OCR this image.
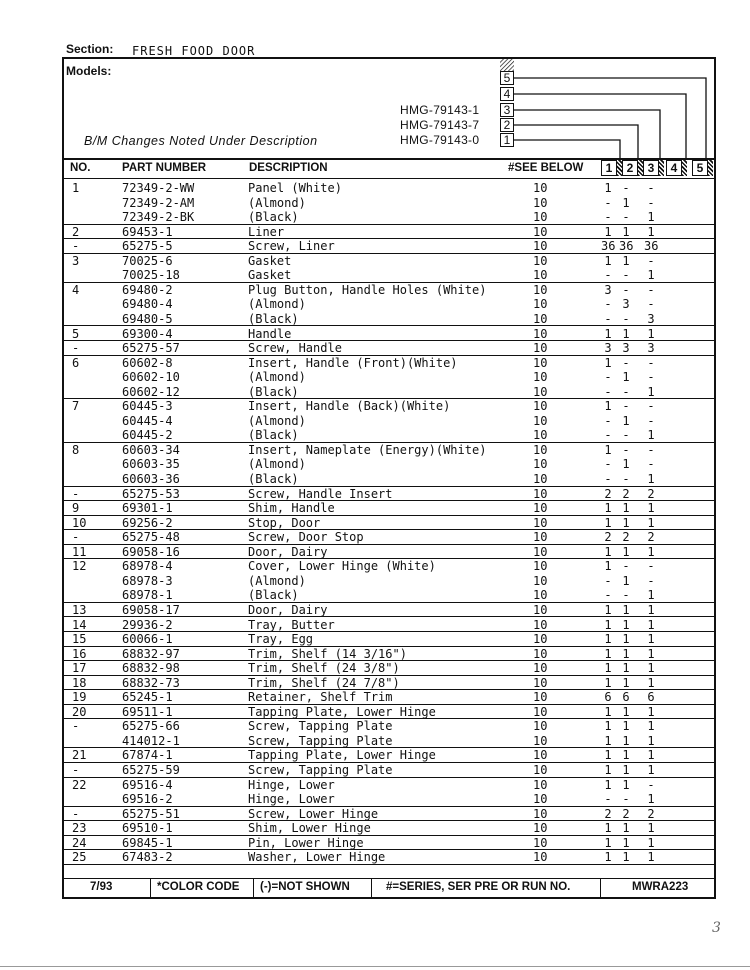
Section: FRESH FOOD DOOR
Models:
B/M Changes Noted Under Description
HMG-79143-1
HMG-79143-7
HMG-79143-0
5
4
3
2
1
NO.	PART NUMBER	DESCRIPTION	#SEE BELOW	1	2	3	4	5
1	72349-2-WW	Panel (White)	10	1 - -
72349-2-AM	(Almond)	10	- 1 -
72349-2-BK	(Black)	10	- - 1
2	69453-1	Liner	10	1 1 1
-	65275-5	Screw, Liner	10	36 36 36
3	70025-6	Gasket	10	1 1 -
70025-18	Gasket	10	- - 1
4	69480-2	Plug Button, Handle Holes (White)	10	3 - -
69480-4	(Almond)	10	- 3 -
69480-5	(Black)	10	- - 3
5	69300-4	Handle	10	1 1 1
-	65275-57	Screw, Handle	10	3 3 3
6	60602-8	Insert, Handle (Front)(White)	10	1 - -
60602-10	(Almond)	10	- 1 -
60602-12	(Black)	10	- - 1
7	60445-3	Insert, Handle (Back)(White)	10	1 - -
60445-4	(Almond)	10	- 1 -
60445-2	(Black)	10	- - 1
8	60603-34	Insert, Nameplate (Energy)(White)	10	1 - -
60603-35	(Almond)	10	- 1 -
60603-36	(Black)	10	- - 1
-	65275-53	Screw, Handle Insert	10	2 2 2
9	69301-1	Shim, Handle	10	1 1 1
10	69256-2	Stop, Door	10	1 1 1
-	65275-48	Screw, Door Stop	10	2 2 2
11	69058-16	Door, Dairy	10	1 1 1
12	68978-4	Cover, Lower Hinge (White)	10	1 - -
68978-3	(Almond)	10	- 1 -
68978-1	(Black)	10	- - 1
13	69058-17	Door, Dairy	10	1 1 1
14	29936-2	Tray, Butter	10	1 1 1
15	60066-1	Tray, Egg	10	1 1 1
16	68832-97	Trim, Shelf (14 3/16")	10	1 1 1
17	68832-98	Trim, Shelf (24 3/8")	10	1 1 1
18	68832-73	Trim, Shelf (24 7/8")	10	1 1 1
19	65245-1	Retainer, Shelf Trim	10	6 6 6
20	69511-1	Tapping Plate, Lower Hinge	10	1 1 1
-	65275-66	Screw, Tapping Plate	10	1 1 1
414012-1	Screw, Tapping Plate	10	1 1 1
21	67874-1	Tapping Plate, Lower Hinge	10	1 1 1
-	65275-59	Screw, Tapping Plate	10	1 1 1
22	69516-4	Hinge, Lower	10	1 1 -
69516-2	Hinge, Lower	10	- - 1
-	65275-51	Screw, Lower Hinge	10	2 2 2
23	69510-1	Shim, Lower Hinge	10	1 1 1
24	69845-1	Pin, Lower Hinge	10	1 1 1
25	67483-2	Washer, Lower Hinge	10	1 1 1
7/93	*COLOR CODE (-)=NOT SHOWN	#=SERIES, SER PRE OR RUN NO.	MWRA223
3
